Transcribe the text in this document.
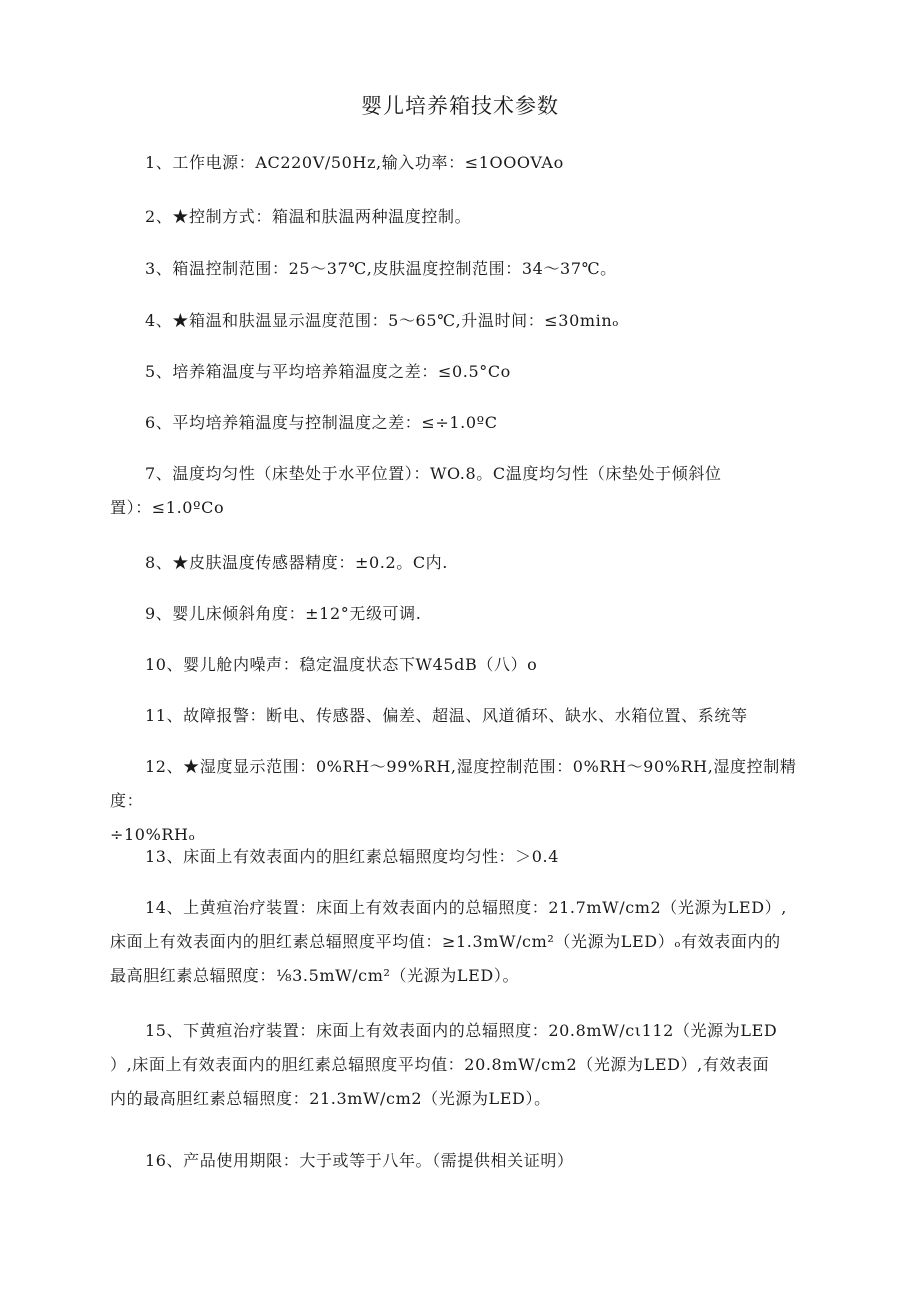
婴儿培养箱技术参数
1、工作电源：AC220V/50Hz,输入功率：≤1OOOVAo
2、★控制方式：箱温和肤温两种温度控制。
3、箱温控制范围：25～37℃,皮肤温度控制范围：34～37℃。
4、★箱温和肤温显示温度范围：5～65℃,升温时间：≤30minₒ
5、培养箱温度与平均培养箱温度之差：≤0.5°Co
6、平均培养箱温度与控制温度之差：≤÷1.0ºC
7、温度均匀性（床垫处于水平位置）：WO.8。C温度均匀性（床垫处于倾斜位
置）：≤1.0ºCo
8、★皮肤温度传感器精度：±0.2。C内.
9、婴儿床倾斜角度：±12°无级可调.
10、婴儿舱内噪声：稳定温度状态下W45dB（八）o
11、故障报警：断电、传感器、偏差、超温、风道循环、缺水、水箱位置、系统等
12、★湿度显示范围：0%RH～99%RH,湿度控制范围：0%RH～90%RH,湿度控制精度：
÷10%RHₒ
13、床面上有效表面内的胆红素总辐照度均匀性：＞0.4
14、上黄疸治疗装置：床面上有效表面内的总辐照度：21.7mW/cm2（光源为LED）,
床面上有效表面内的胆红素总辐照度平均值：≥1.3mW/cm²（光源为LED）ₒ有效表面内的
最高胆红素总辐照度：⅛3.5mW/cm²（光源为LED）。
15、下黄疸治疗装置：床面上有效表面内的总辐照度：20.8mW/cι112（光源为LED
）,床面上有效表面内的胆红素总辐照度平均值：20.8mW/cm2（光源为LED）,有效表面
内的最高胆红素总辐照度：21.3mW/cm2（光源为LED）。
16、产品使用期限：大于或等于八年。（需提供相关证明）
